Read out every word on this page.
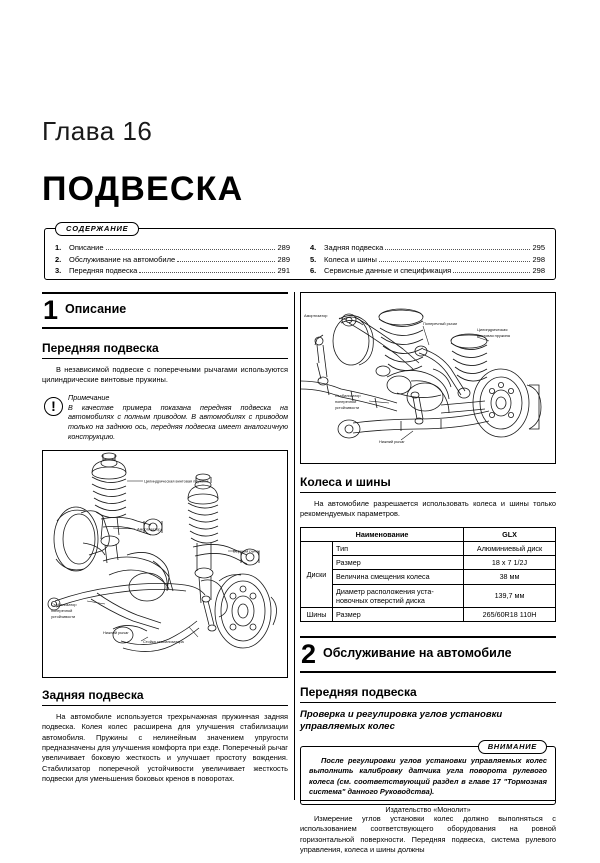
Глава 16
ПОДВЕСКА
СОДЕРЖАНИЕ
1.	Описание	289
2.	Обслуживание на автомобиле	289
3.	Передняя подвеска	291
4.	Задняя подвеска	295
5.	Колеса и шины	298
6.	Сервисные данные и спецификация	298
1 Описание
Передняя подвеска

В независимой подвеске с поперечными рычагами используются цилиндрические винтовые пружины.

!
Примечание
В качестве примера показана передняя подвеска на автомобилях с полным приводом. В автомобилях с приводом только на заднюю ось, передняя подвеска имеет аналогичную конструкцию.
Цилиндрическая винтовая пружина
Амортизатор
Верхний рычаг
Стабилизатор
поперечной
устойчивости
Нижний рычаг
Стойка стабилизатора
Задняя подвеска

На автомобиле используется трехрычажная пружинная задняя подвеска. Колея колес расширена для улучшения стабилизации автомобиля. Пружины с нелинейным значением упругости предназначены для улучшения комфорта при езде. Поперечный рычаг увеличивает боковую жесткость и улучшает простоту вождения. Стабилизатор поперечной устойчивости увеличивает жесткость подвески для уменьшения боковых кренов в поворотах.

Амортизатор
Поперечный рычаг
Цилиндрическая
винтовая пружина
Стабилизатор
поперечной
устойчивости
Нижний рычаг
Колеса и шины

На автомобиле разрешается использовать колеса и шины только рекомендуемых параметров.

Наименование		GLX
Диски	Тип	Алюминиевый диск
	Размер	18 x 7 1/2J
	Величина смещения колеса	38 мм
	Диаметр расположения уста-новочных отверстий диска	139,7 мм
Шины	Размер	265/60R18 110H
2 Обслуживание на автомобиле
Передняя подвеска
Проверка и регулировка углов установки управляемых колес
ВНИМАНИЕ
После регулировки углов установки управляемых колес выполнить калибровку датчика угла поворота рулевого колеса (см. соответствующий раздел в главе 17 "Тормозная система" данного Руководства).

Измерение углов установки колес должно выполняться с использованием соответствующего оборудования на ровной горизонтальной поверхности. Передняя подвеска, система рулевого управления, колеса и шины должны

Издательство «Монолит»
